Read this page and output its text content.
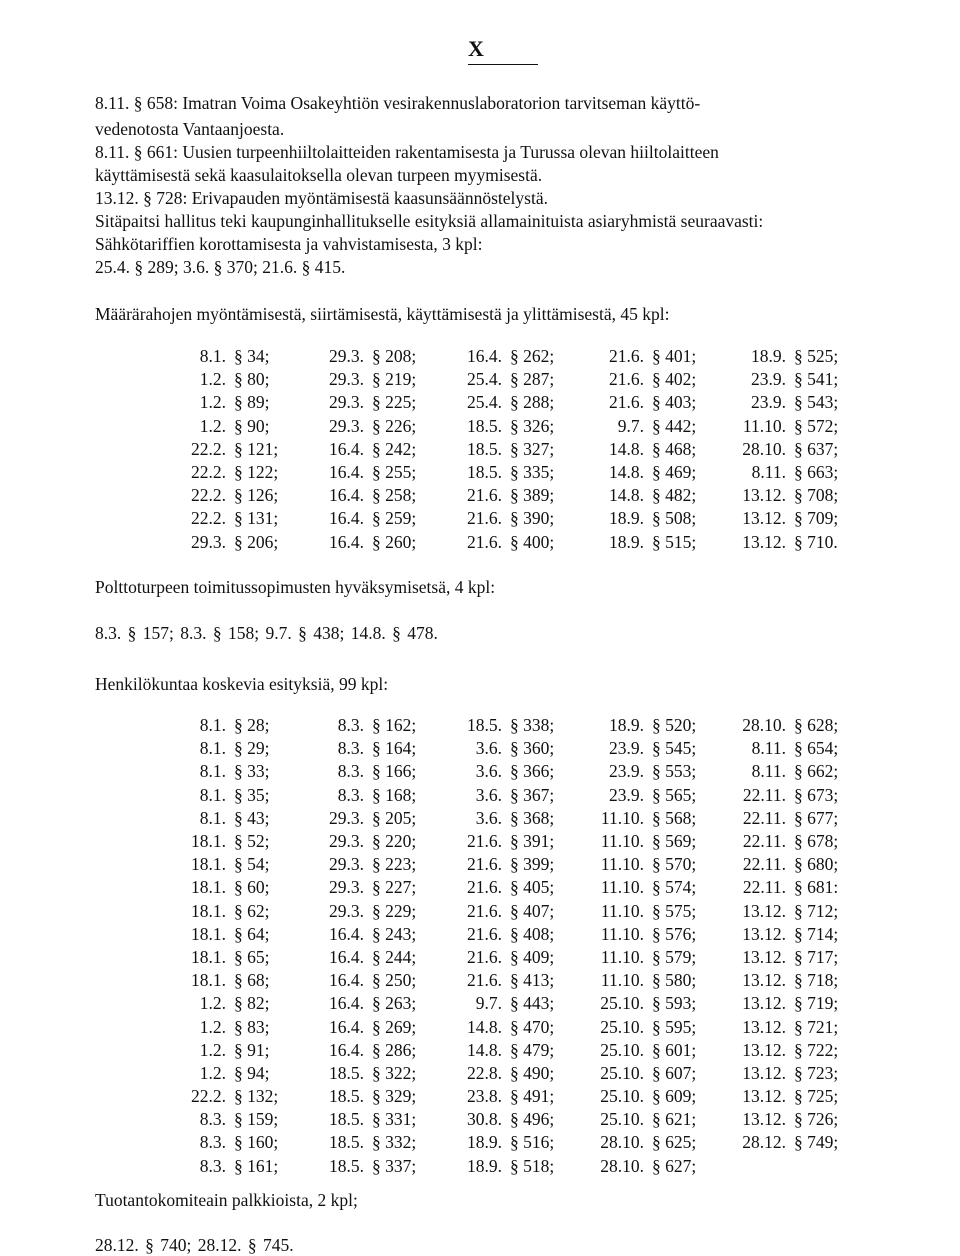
X
8.11. § 658: Imatran Voima Osakeyhtiön vesirakennuslaboratorion tarvitseman käyttö-
vedenotosta Vantaanjoesta.
8.11. § 661: Uusien turpeenhiiltolaitteiden rakentamisesta ja Turussa olevan hiiltolaitteen
käyttämisestä sekä kaasulaitoksella olevan turpeen myymisestä.
13.12. § 728: Erivapauden myöntämisestä kaasunsäännöstelystä.
Sitäpaitsi hallitus teki kaupunginhallitukselle esityksiä allamainituista asiaryhmistä seuraavasti:
Sähkötariffien korottamisesta ja vahvistamisesta, 3 kpl:
25.4. § 289; 3.6. § 370; 21.6. § 415.
Määrärahojen myöntämisestä, siirtämisestä, käyttämisestä ja ylittämisestä, 45 kpl:
8.1.	§ 34;	29.3.	§ 208;	16.4.	§ 262;	21.6.	§ 401;	18.9.	§ 525;
1.2.	§ 80;	29.3.	§ 219;	25.4.	§ 287;	21.6.	§ 402;	23.9.	§ 541;
1.2.	§ 89;	29.3.	§ 225;	25.4.	§ 288;	21.6.	§ 403;	23.9.	§ 543;
1.2.	§ 90;	29.3.	§ 226;	18.5.	§ 326;	9.7.	§ 442;	11.10.	§ 572;
22.2.	§ 121;	16.4.	§ 242;	18.5.	§ 327;	14.8.	§ 468;	28.10.	§ 637;
22.2.	§ 122;	16.4.	§ 255;	18.5.	§ 335;	14.8.	§ 469;	8.11.	§ 663;
22.2.	§ 126;	16.4.	§ 258;	21.6.	§ 389;	14.8.	§ 482;	13.12.	§ 708;
22.2.	§ 131;	16.4.	§ 259;	21.6.	§ 390;	18.9.	§ 508;	13.12.	§ 709;
29.3.	§ 206;	16.4.	§ 260;	21.6.	§ 400;	18.9.	§ 515;	13.12.	§ 710.
Polttoturpeen toimitussopimusten hyväksymisetsä, 4 kpl:
8.3. § 157; 8.3. § 158; 9.7. § 438; 14.8. § 478.
Henkilökuntaa koskevia esityksiä, 99 kpl:
8.1.	§ 28;	8.3.	§ 162;	18.5.	§ 338;	18.9.	§ 520;	28.10.	§ 628;
8.1.	§ 29;	8.3.	§ 164;	3.6.	§ 360;	23.9.	§ 545;	8.11.	§ 654;
8.1.	§ 33;	8.3.	§ 166;	3.6.	§ 366;	23.9.	§ 553;	8.11.	§ 662;
8.1.	§ 35;	8.3.	§ 168;	3.6.	§ 367;	23.9.	§ 565;	22.11.	§ 673;
8.1.	§ 43;	29.3.	§ 205;	3.6.	§ 368;	11.10.	§ 568;	22.11.	§ 677;
18.1.	§ 52;	29.3.	§ 220;	21.6.	§ 391;	11.10.	§ 569;	22.11.	§ 678;
18.1.	§ 54;	29.3.	§ 223;	21.6.	§ 399;	11.10.	§ 570;	22.11.	§ 680;
18.1.	§ 60;	29.3.	§ 227;	21.6.	§ 405;	11.10.	§ 574;	22.11.	§ 681:
18.1.	§ 62;	29.3.	§ 229;	21.6.	§ 407;	11.10.	§ 575;	13.12.	§ 712;
18.1.	§ 64;	16.4.	§ 243;	21.6.	§ 408;	11.10.	§ 576;	13.12.	§ 714;
18.1.	§ 65;	16.4.	§ 244;	21.6.	§ 409;	11.10.	§ 579;	13.12.	§ 717;
18.1.	§ 68;	16.4.	§ 250;	21.6.	§ 413;	11.10.	§ 580;	13.12.	§ 718;
1.2.	§ 82;	16.4.	§ 263;	9.7.	§ 443;	25.10.	§ 593;	13.12.	§ 719;
1.2.	§ 83;	16.4.	§ 269;	14.8.	§ 470;	25.10.	§ 595;	13.12.	§ 721;
1.2.	§ 91;	16.4.	§ 286;	14.8.	§ 479;	25.10.	§ 601;	13.12.	§ 722;
1.2.	§ 94;	18.5.	§ 322;	22.8.	§ 490;	25.10.	§ 607;	13.12.	§ 723;
22.2.	§ 132;	18.5.	§ 329;	23.8.	§ 491;	25.10.	§ 609;	13.12.	§ 725;
8.3.	§ 159;	18.5.	§ 331;	30.8.	§ 496;	25.10.	§ 621;	13.12.	§ 726;
8.3.	§ 160;	18.5.	§ 332;	18.9.	§ 516;	28.10.	§ 625;	28.12.	§ 749;
8.3.	§ 161;	18.5.	§ 337;	18.9.	§ 518;	28.10.	§ 627;		
Tuotantokomiteain palkkioista, 2 kpl;
28.12. § 740; 28.12. § 745.
